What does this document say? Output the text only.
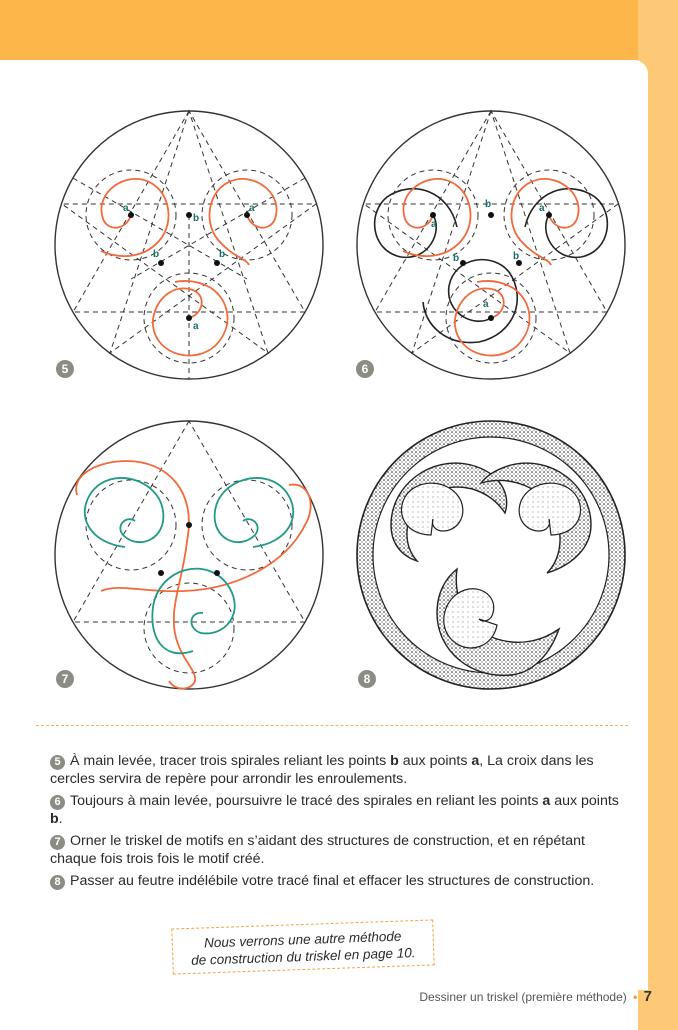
a
b
a
b	b
a
5
a
b	a
b	b
a
6
7	8
5 À main levée, tracer trois spirales reliant les points b aux points a, La croix dans les cercles servira de repère pour arrondir les enroulements.
6 Toujours à main levée, poursuivre le tracé des spirales en reliant les points a aux points b.
7 Orner le triskel de motifs en s’aidant des structures de construction, et en répétant chaque fois trois fois le motif créé.
8 Passer au feutre indélébile votre tracé final et effacer les structures de construction.
Nous verrons une autre méthode
de construction du triskel en page 10.
Dessiner un triskel (première méthode) • 7
